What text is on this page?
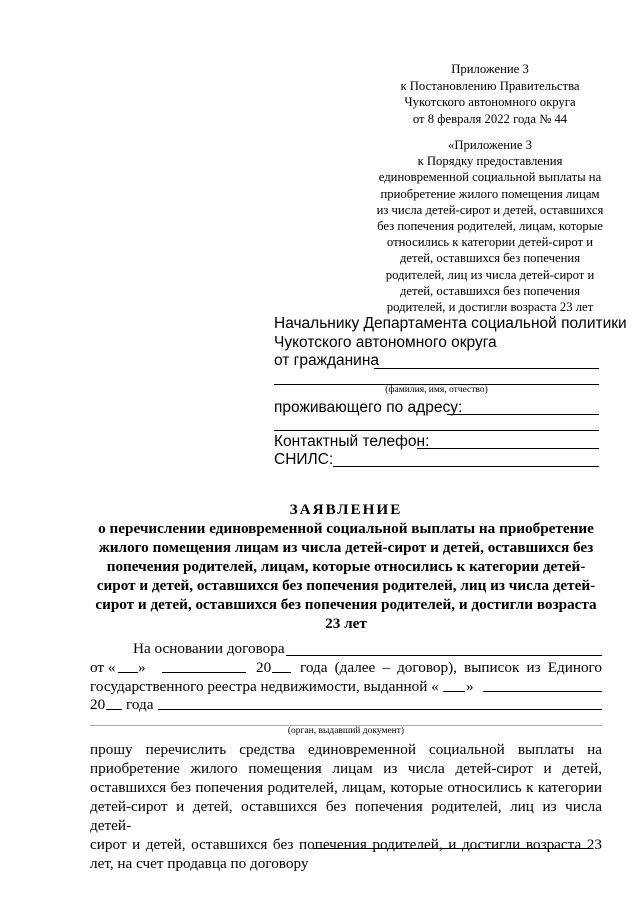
Приложение 3
к Постановлению Правительства
Чукотского автономного округа
от 8 февраля 2022 года № 44
«Приложение 3
к Порядку предоставления
единовременной социальной выплаты на
приобретение жилого помещения лицам
из числа детей-сирот и детей, оставшихся
без попечения родителей, лицам, которые
относились к категории детей-сирот и
детей, оставшихся без попечения
родителей, лиц из числа детей-сирот и
детей, оставшихся без попечения
родителей, и достигли возраста 23 лет
Начальнику Департамента социальной политики
Чукотского автономного округа
от гражданина
(фамилия, имя, отчество)
проживающего по адресу:
Контактный телефон:
СНИЛС:
ЗАЯВЛЕНИЕ
о перечислении единовременной социальной выплаты на приобретение
жилого помещения лицам из числа детей-сирот и детей, оставшихся без
попечения родителей, лицам, которые относились к категории детей-
сирот и детей, оставшихся без попечения родителей, лиц из числа детей-
сирот и детей, оставшихся без попечения родителей, и достигли возраста
23 лет
На основании договора
от « »	20 года (далее – договор), выписок из Единого
государственного реестра недвижимости, выданной « »
20 года
(орган, выдавший документ)
прошу перечислить средства единовременной социальной выплаты на
приобретение жилого помещения лицам из числа детей-сирот и детей,
оставшихся без попечения родителей, лицам, которые относились к категории
детей-сирот и детей, оставшихся без попечения родителей, лиц из числа детей-
сирот и детей, оставшихся без попечения родителей, и достигли возраста 23
лет, на счет продавца по договору
